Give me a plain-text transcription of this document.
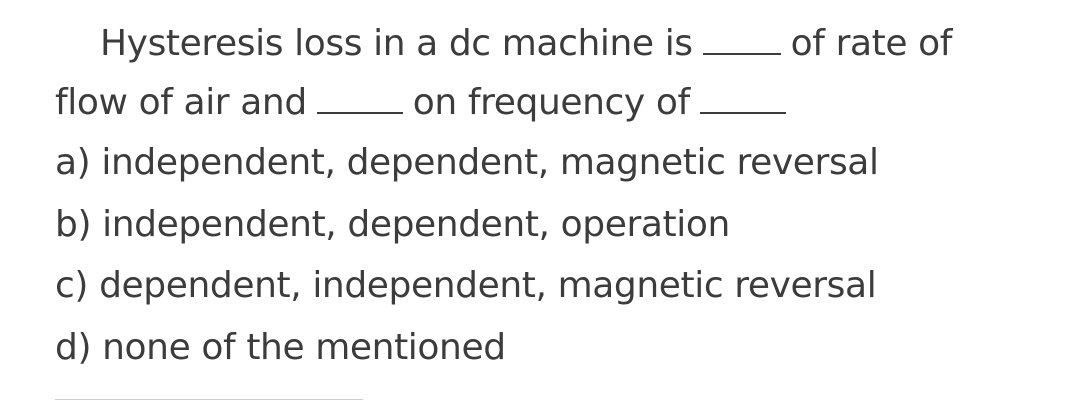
Hysteresis loss in a dc machine is	of rate of
flow of air and	on frequency of
a) independent, dependent, magnetic reversal
b) independent, dependent, operation
c) dependent, independent, magnetic reversal
d) none of the mentioned
